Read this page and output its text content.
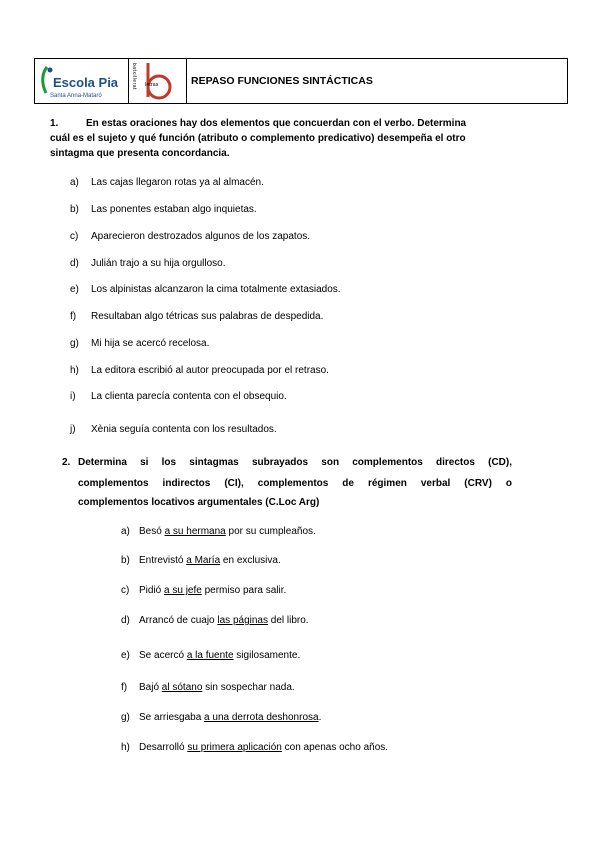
Escola Pia
Santa Anna-Mataró
batxillerat letras	REPASO FUNCIONES SINTÁCTICAS
1.	En estas oraciones hay dos elementos que concuerdan con el verbo. Determina
cuál es el sujeto y qué función (atributo o complemento predicativo) desempeña el otro
sintagma que presenta concordancia.
a) Las cajas llegaron rotas ya al almacén.
b) Las ponentes estaban algo inquietas.
c) Aparecieron destrozados algunos de los zapatos.
d) Julián trajo a su hija orgulloso.
e) Los alpinistas alcanzaron la cima totalmente extasiados.
f) Resultaban algo tétricas sus palabras de despedida.
g) Mi hija se acercó recelosa.
h) La editora escribió al autor preocupada por el retraso.
i) La clienta parecía contenta con el obsequio.
j) Xènia seguía contenta con los resultados.
2. Determina si los sintagmas subrayados son complementos directos (CD),
complementos indirectos (CI), complementos de régimen verbal (CRV) o
complementos locativos argumentales (C.Loc Arg)
a) Besó a su hermana por su cumpleaños.
b) Entrevistó a María en exclusiva.
c) Pidió a su jefe permiso para salir.
d) Arrancó de cuajo las páginas del libro.
e) Se acercó a la fuente sigilosamente.
f) Bajó al sótano sin sospechar nada.
g) Se arriesgaba a una derrota deshonrosa.
h) Desarrolló su primera aplicación con apenas ocho años.
